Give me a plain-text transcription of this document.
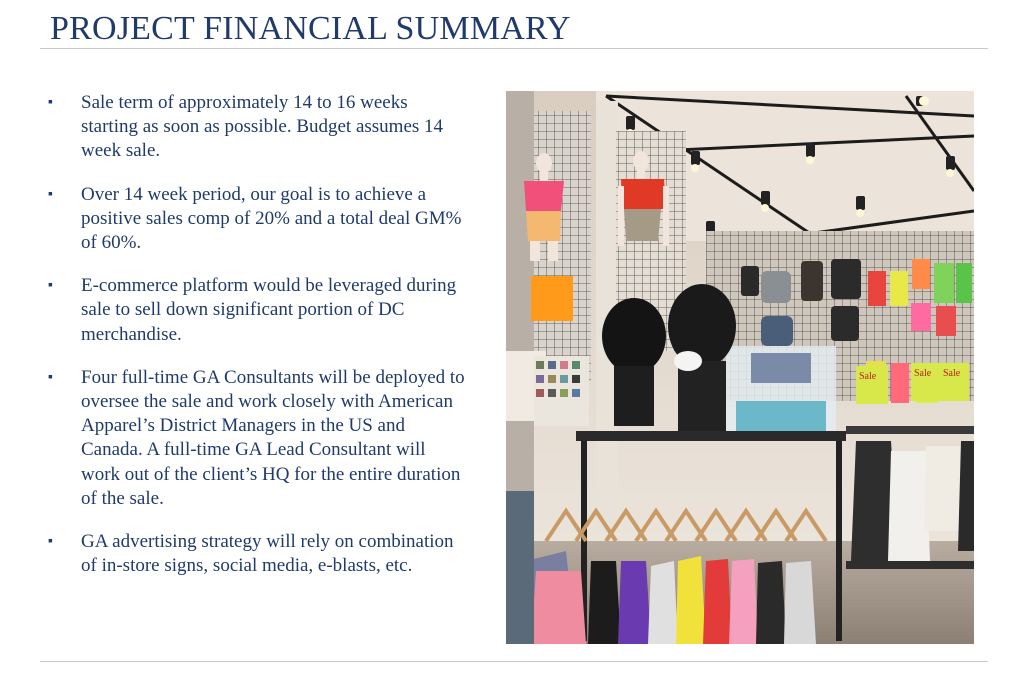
PROJECT FINANCIAL SUMMARY
▪ Sale term of approximately 14 to 16 weeks starting as soon as possible. Budget assumes 14 week sale.
▪ Over 14 week period, our goal is to achieve a positive sales comp of 20% and a total deal GM% of 60%.
▪ E-commerce platform would be leveraged during sale to sell down significant portion of DC merchandise.
▪ Four full-time GA Consultants will be deployed to oversee the sale and work closely with American Apparel’s District Managers in the US and Canada. A full-time GA Lead Consultant will work out of the client’s HQ for the entire duration of the sale.
▪ GA advertising strategy will rely on combination of in-store signs, social media, e-blasts, etc.
Sale	Sale Sale
